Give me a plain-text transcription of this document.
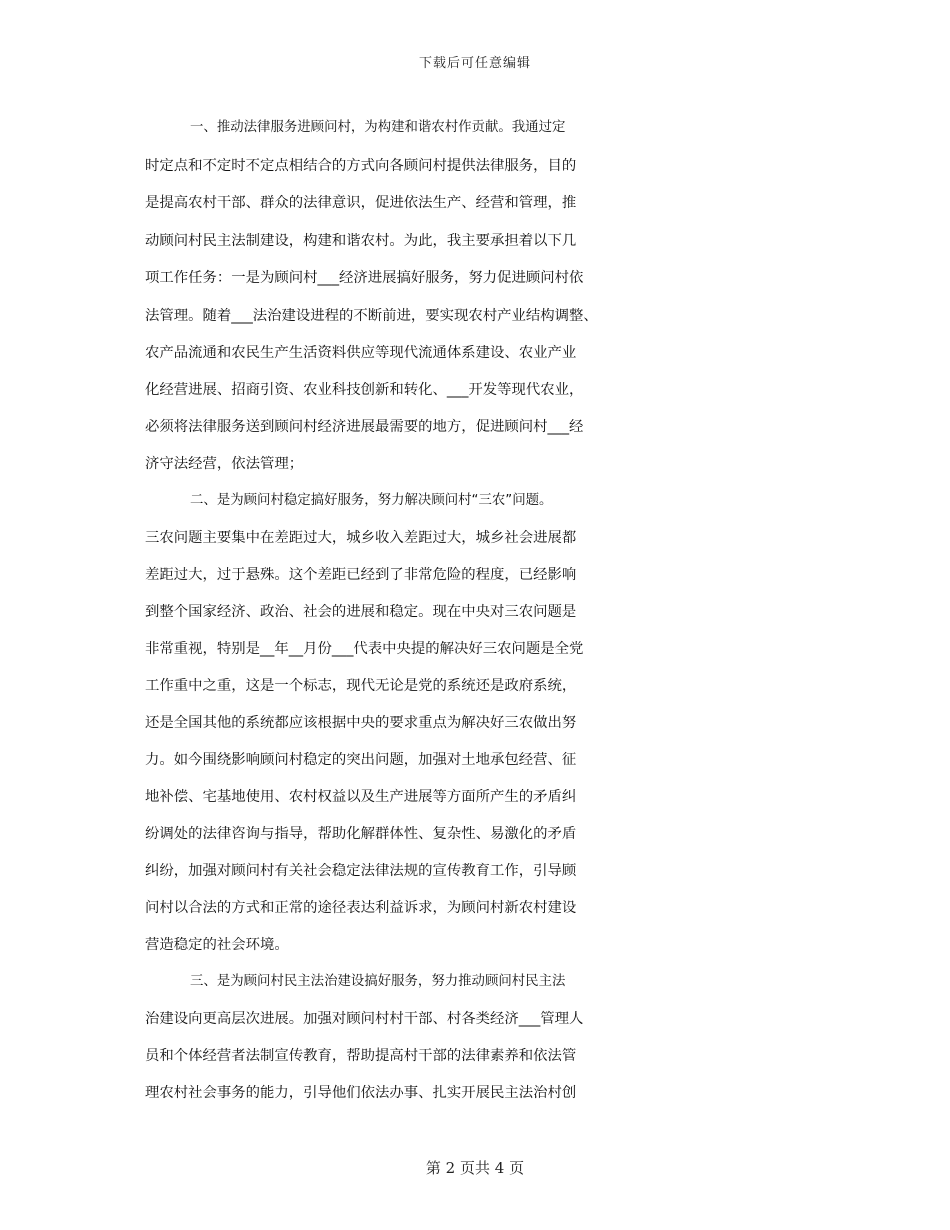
下载后可任意编辑
一、推动法律服务进顾问村，为构建和谐农村作贡献。我通过定
时定点和不定时不定点相结合的方式向各顾问村提供法律服务，目的
是提高农村干部、群众的法律意识，促进依法生产、经营和管理，推
动顾问村民主法制建设，构建和谐农村。为此，我主要承担着以下几
项工作任务：一是为顾问村___经济进展搞好服务，努力促进顾问村依
法管理。随着___法治建设进程的不断前进，要实现农村产业结构调整、
农产品流通和农民生产生活资料供应等现代流通体系建设、农业产业
化经营进展、招商引资、农业科技创新和转化、___开发等现代农业，
必须将法律服务送到顾问村经济进展最需要的地方，促进顾问村___经
济守法经营，依法管理；
二、是为顾问村稳定搞好服务，努力解决顾问村“三农”问题。
三农问题主要集中在差距过大，城乡收入差距过大，城乡社会进展都
差距过大，过于悬殊。这个差距已经到了非常危险的程度，已经影响
到整个国家经济、政治、社会的进展和稳定。现在中央对三农问题是
非常重视，特别是__年__月份___代表中央提的解决好三农问题是全党
工作重中之重，这是一个标志，现代无论是党的系统还是政府系统，
还是全国其他的系统都应该根据中央的要求重点为解决好三农做出努
力。如今围绕影响顾问村稳定的突出问题，加强对土地承包经营、征
地补偿、宅基地使用、农村权益以及生产进展等方面所产生的矛盾纠
纷调处的法律咨询与指导，帮助化解群体性、复杂性、易激化的矛盾
纠纷，加强对顾问村有关社会稳定法律法规的宣传教育工作，引导顾
问村以合法的方式和正常的途径表达利益诉求，为顾问村新农村建设
营造稳定的社会环境。
三、是为顾问村民主法治建设搞好服务，努力推动顾问村民主法
治建设向更高层次进展。加强对顾问村村干部、村各类经济___管理人
员和个体经营者法制宣传教育，帮助提高村干部的法律素养和依法管
理农村社会事务的能力，引导他们依法办事、扎实开展民主法治村创
第 2 页共 4 页
